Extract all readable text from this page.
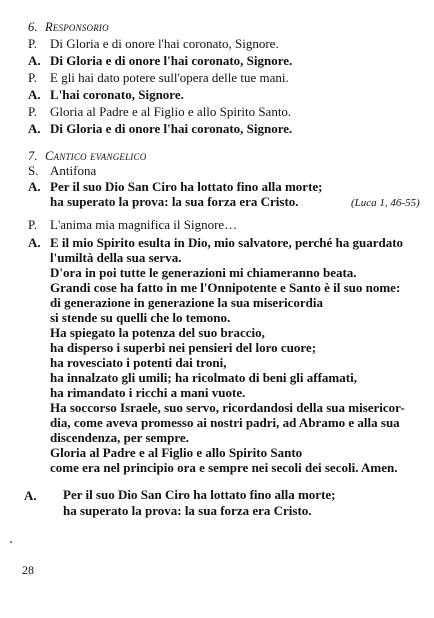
6. Responsorio
P. Di Gloria e di onore l'hai coronato, Signore.
A. Di Gloria e di onore l'hai coronato, Signore.
P. E gli hai dato potere sull'opera delle tue mani.
A. L'hai coronato, Signore.
P. Gloria al Padre e al Figlio e allo Spirito Santo.
A. Di Gloria e di onore l'hai coronato, Signore.
7. Cantico evangelico
S. Antifona
A. Per il suo Dio San Ciro ha lottato fino alla morte;
ha superato la prova: la sua forza era Cristo.	(Luca 1, 46-55)
P. L'anima mia magnifica il Signore…
A. E il mio Spirito esulta in Dio, mio salvatore, perché ha guardato
l'umiltà della sua serva.
D'ora in poi tutte le generazioni mi chiameranno beata.
Grandi cose ha fatto in me l'Onnipotente e Santo è il suo nome:
di generazione in generazione la sua misericordia
si stende su quelli che lo temono.
Ha spiegato la potenza del suo braccio,
ha disperso i superbi nei pensieri del loro cuore;
ha rovesciato i potenti dai troni,
ha innalzato gli umili; ha ricolmato di beni gli affamati,
ha rimandato i ricchi a mani vuote.
Ha soccorso Israele, suo servo, ricordandosi della sua misericor-
dia, come aveva promesso ai nostri padri, ad Abramo e alla sua
discendenza, per sempre.
Gloria al Padre e al Figlio e allo Spirito Santo
come era nel principio ora e sempre nei secoli dei secoli. Amen.
A. Per il suo Dio San Ciro ha lottato fino alla morte;
ha superato la prova: la sua forza era Cristo.
28
